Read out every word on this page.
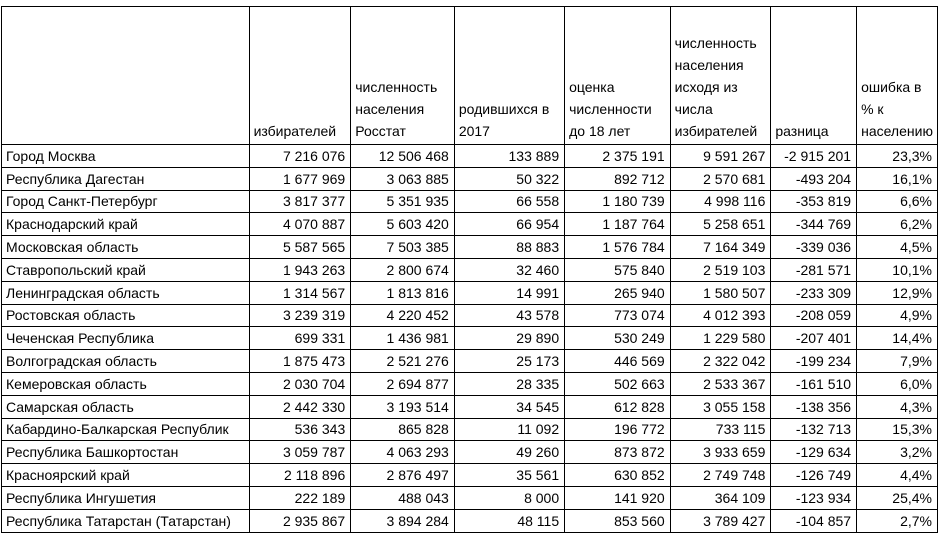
	избирателей	численность населения Росстат	родившихся в 2017	оценка численности до 18 лет	численность населения исходя из числа избирателей	разница	ошибка в % к населению
Город Москва	7 216 076	12 506 468	133 889	2 375 191	9 591 267	-2 915 201	23,3%
Республика Дагестан	1 677 969	3 063 885	50 322	892 712	2 570 681	-493 204	16,1%
Город Санкт-Петербург	3 817 377	5 351 935	66 558	1 180 739	4 998 116	-353 819	6,6%
Краснодарский край	4 070 887	5 603 420	66 954	1 187 764	5 258 651	-344 769	6,2%
Московская область	5 587 565	7 503 385	88 883	1 576 784	7 164 349	-339 036	4,5%
Ставропольский край	1 943 263	2 800 674	32 460	575 840	2 519 103	-281 571	10,1%
Ленинградская область	1 314 567	1 813 816	14 991	265 940	1 580 507	-233 309	12,9%
Ростовская область	3 239 319	4 220 452	43 578	773 074	4 012 393	-208 059	4,9%
Чеченская Республика	699 331	1 436 981	29 890	530 249	1 229 580	-207 401	14,4%
Волгоградская область	1 875 473	2 521 276	25 173	446 569	2 322 042	-199 234	7,9%
Кемеровская область	2 030 704	2 694 877	28 335	502 663	2 533 367	-161 510	6,0%
Самарская область	2 442 330	3 193 514	34 545	612 828	3 055 158	-138 356	4,3%
Кабардино-Балкарская Республик	536 343	865 828	11 092	196 772	733 115	-132 713	15,3%
Республика Башкортостан	3 059 787	4 063 293	49 260	873 872	3 933 659	-129 634	3,2%
Красноярский край	2 118 896	2 876 497	35 561	630 852	2 749 748	-126 749	4,4%
Республика Ингушетия	222 189	488 043	8 000	141 920	364 109	-123 934	25,4%
Республика Татарстан (Татарстан)	2 935 867	3 894 284	48 115	853 560	3 789 427	-104 857	2,7%
